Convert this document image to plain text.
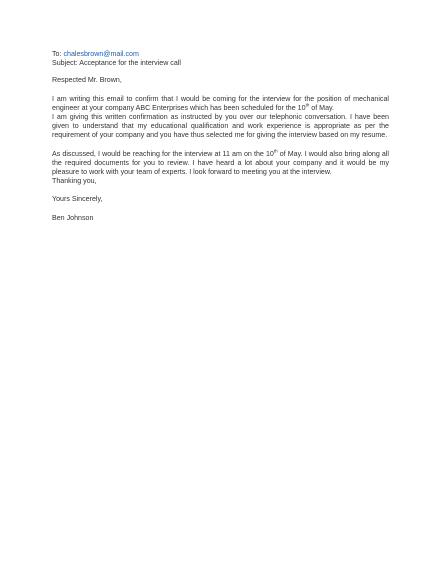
To: chalesbrown@mail.com
Subject: Acceptance for the interview call
Respected Mr. Brown,
I am writing this email to confirm that I would be coming for the interview for the position of mechanical engineer at your company ABC Enterprises which has been scheduled for the 10th of May.
I am giving this written confirmation as instructed by you over our telephonic conversation. I have been given to understand that my educational qualification and work experience is appropriate as per the requirement of your company and you have thus selected me for giving the interview based on my resume.
As discussed, I would be reaching for the interview at 11 am on the 10th of May. I would also bring along all the required documents for you to review. I have heard a lot about your company and it would be my pleasure to work with your team of experts. I look forward to meeting you at the interview.
Thanking you,
Yours Sincerely,
Ben Johnson
